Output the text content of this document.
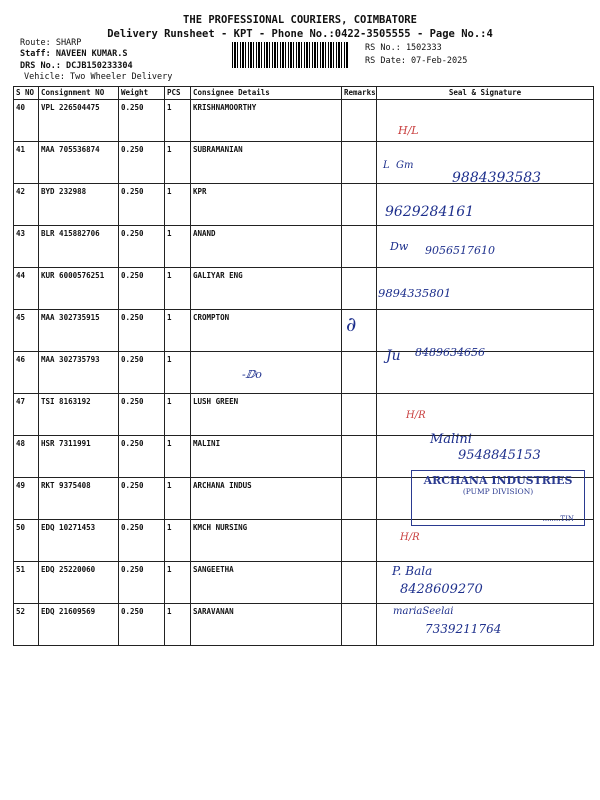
THE PROFESSIONAL COURIERS, COIMBATORE
Delivery Runsheet - KPT - Phone No.:0422-3505555 - Page No.:4
Route: SHARP
Staff: NAVEEN KUMAR.S
DRS No.: DCJB150233304
Vehicle: Two Wheeler Delivery
RS No.: 1502333
RS Date: 07-Feb-2025
S NO	Consignment NO	Weight	PCS	Consignee Details	Remarks	Seal & Signature
40	VPL 226504475	0.250	1	KRISHNAMOORTHY		
41	MAA 705536874	0.250	1	SUBRAMANIAN		
42	BYD 232988	0.250	1	KPR		
43	BLR 415882706	0.250	1	ANAND		
44	KUR 6000576251	0.250	1	GALIYAR ENG		
45	MAA 302735915	0.250	1	CROMPTON		
46	MAA 302735793	0.250	1			
47	TSI 8163192	0.250	1	LUSH GREEN		
48	HSR 7311991	0.250	1	MALINI		
49	RKT 9375408	0.250	1	ARCHANA INDUS		
50	EDQ 10271453	0.250	1	KMCH NURSING		
51	EDQ 25220060	0.250	1	SANGEETHA		
52	EDQ 21609569	0.250	1	SARAVANAN		
H/L
L  Gm
9884393583
9629284161
Dw 9056517610
9894335801
∂
-ⅅo
Ju 8489634656
H/R
Malini
9548845153
ARCHANA INDUSTRIES
(PUMP DIVISION)
........TIN
H/R
P. Bala
8428609270
mariaSeelai
7339211764
